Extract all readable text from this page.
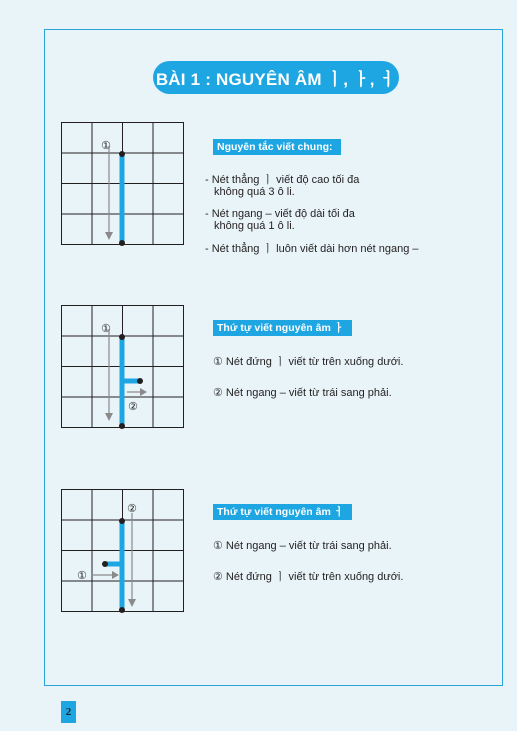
BÀI 1 : NGUYÊN ÂM ㅣ, ㅏ, ㅓ
①	Nguyên tắc viết chung:
- Nét thẳng ㅣ viết độ cao tối đa
không quá 3 ô li.
- Nét ngang – viết độ dài tối đa
không quá 1 ô li.
- Nét thẳng ㅣ luôn viết dài hơn nét ngang –
①
②
Thứ tự viết nguyên âm ㅏ
① Nét đứng ㅣ viết từ trên xuống dưới.
② Nét ngang – viết từ trái sang phải.
①
②	Thứ tự viết nguyên âm ㅓ
① Nét ngang – viết từ trái sang phải.
② Nét đứng ㅣ viết từ trên xuống dưới.
2
